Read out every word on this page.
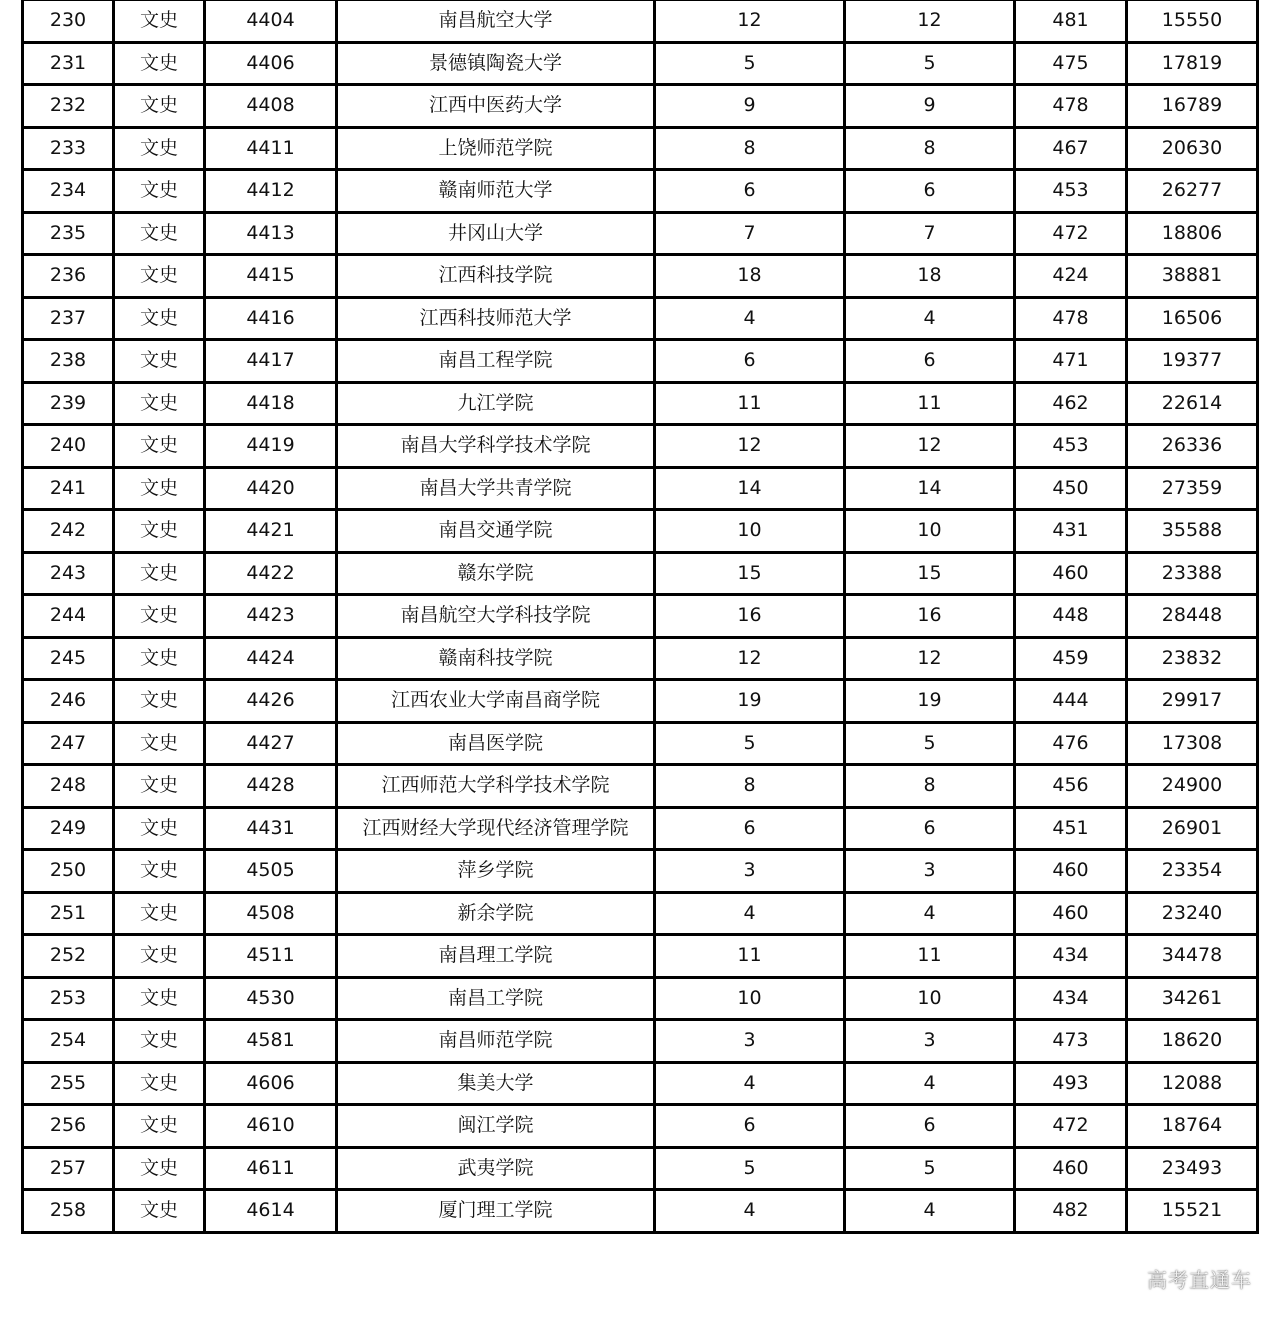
230	文史	4404	南昌航空大学	12	12	481	15550
231	文史	4406	景德镇陶瓷大学	5	5	475	17819
232	文史	4408	江西中医药大学	9	9	478	16789
233	文史	4411	上饶师范学院	8	8	467	20630
234	文史	4412	赣南师范大学	6	6	453	26277
235	文史	4413	井冈山大学	7	7	472	18806
236	文史	4415	江西科技学院	18	18	424	38881
237	文史	4416	江西科技师范大学	4	4	478	16506
238	文史	4417	南昌工程学院	6	6	471	19377
239	文史	4418	九江学院	11	11	462	22614
240	文史	4419	南昌大学科学技术学院	12	12	453	26336
241	文史	4420	南昌大学共青学院	14	14	450	27359
242	文史	4421	南昌交通学院	10	10	431	35588
243	文史	4422	赣东学院	15	15	460	23388
244	文史	4423	南昌航空大学科技学院	16	16	448	28448
245	文史	4424	赣南科技学院	12	12	459	23832
246	文史	4426	江西农业大学南昌商学院	19	19	444	29917
247	文史	4427	南昌医学院	5	5	476	17308
248	文史	4428	江西师范大学科学技术学院	8	8	456	24900
249	文史	4431	江西财经大学现代经济管理学院	6	6	451	26901
250	文史	4505	萍乡学院	3	3	460	23354
251	文史	4508	新余学院	4	4	460	23240
252	文史	4511	南昌理工学院	11	11	434	34478
253	文史	4530	南昌工学院	10	10	434	34261
254	文史	4581	南昌师范学院	3	3	473	18620
255	文史	4606	集美大学	4	4	493	12088
256	文史	4610	闽江学院	6	6	472	18764
257	文史	4611	武夷学院	5	5	460	23493
258	文史	4614	厦门理工学院	4	4	482	15521
高考直通车
